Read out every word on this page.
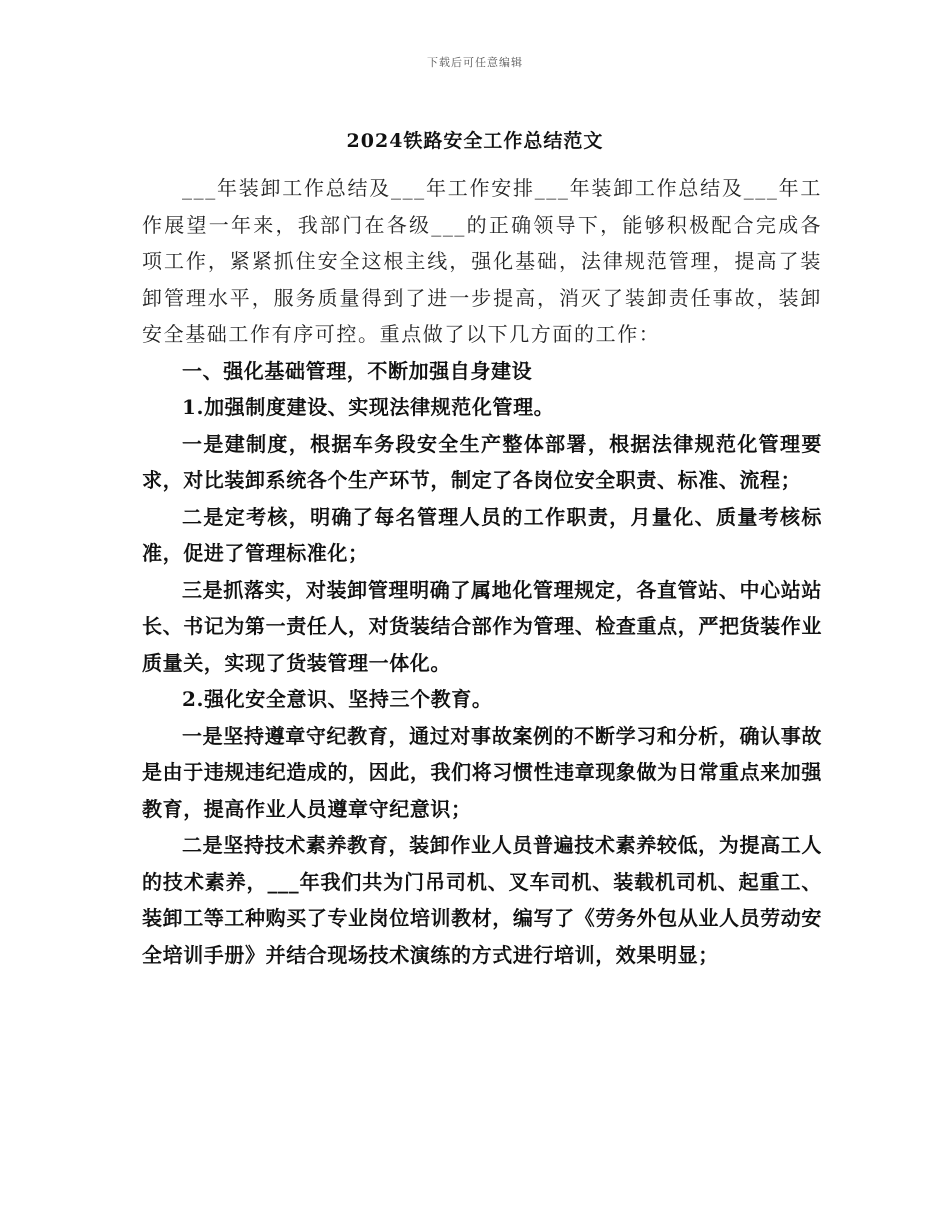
下载后可任意编辑
2024铁路安全工作总结范文

___年装卸工作总结及___年工作安排___年装卸工作总结及___年工作展望一年来，我部门在各级___的正确领导下，能够积极配合完成各项工作，紧紧抓住安全这根主线，强化基础，法律规范管理，提高了装卸管理水平，服务质量得到了进一步提高，消灭了装卸责任事故，装卸安全基础工作有序可控。重点做了以下几方面的工作：

一、强化基础管理，不断加强自身建设

1.加强制度建设、实现法律规范化管理。

一是建制度，根据车务段安全生产整体部署，根据法律规范化管理要求，对比装卸系统各个生产环节，制定了各岗位安全职责、标准、流程；

二是定考核，明确了每名管理人员的工作职责，月量化、质量考核标准，促进了管理标准化；

三是抓落实，对装卸管理明确了属地化管理规定，各直管站、中心站站长、书记为第一责任人，对货装结合部作为管理、检查重点，严把货装作业质量关，实现了货装管理一体化。

2.强化安全意识、坚持三个教育。

一是坚持遵章守纪教育，通过对事故案例的不断学习和分析，确认事故是由于违规违纪造成的，因此，我们将习惯性违章现象做为日常重点来加强教育，提高作业人员遵章守纪意识；

二是坚持技术素养教育，装卸作业人员普遍技术素养较低，为提高工人的技术素养，___年我们共为门吊司机、叉车司机、装载机司机、起重工、装卸工等工种购买了专业岗位培训教材，编写了《劳务外包从业人员劳动安全培训手册》并结合现场技术演练的方式进行培训，效果明显；
